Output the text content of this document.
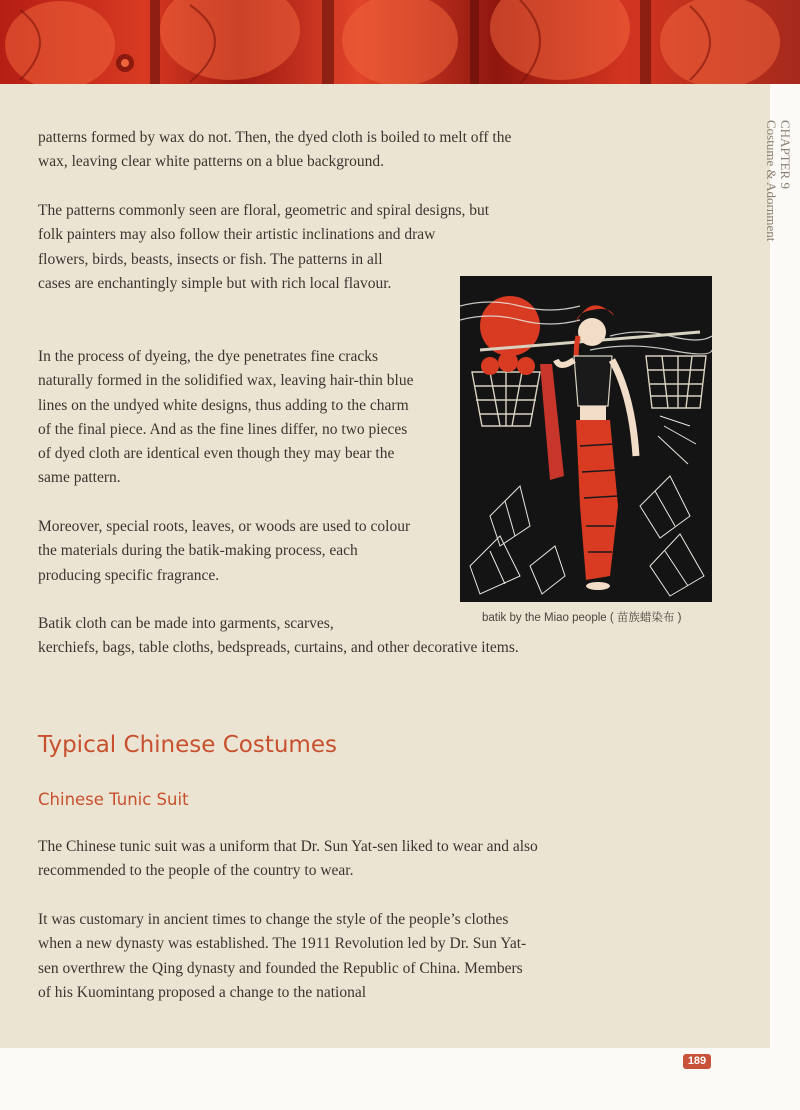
CHAPTER 9
Costume & Adornment

patterns formed by wax do not. Then, the dyed cloth is boiled to melt off the wax, leaving clear white patterns on a blue background.

The patterns commonly seen are floral, geometric and spiral designs, but folk painters may also follow their artistic inclinations and draw

flowers, birds, beasts, insects or fish. The patterns in all cases are enchantingly simple but with rich local flavour.

In the process of dyeing, the dye penetrates fine cracks naturally formed in the solidified wax, leaving hair-thin blue lines on the undyed white designs, thus adding to the charm of the final piece. And as the fine lines differ, no two pieces of dyed cloth are identical even though they may bear the same pattern.

Moreover, special roots, leaves, or woods are used to colour the materials during the batik-making process, each producing specific fragrance.

Batik cloth can be made into garments, scarves,

kerchiefs, bags, table cloths, bedspreads, curtains, and other decorative items.

batik by the Miao people ( 苗族蜡染布 )
Typical Chinese Costumes
Chinese Tunic Suit

The Chinese tunic suit was a uniform that Dr. Sun Yat-sen liked to wear and also recommended to the people of the country to wear.

It was customary in ancient times to change the style of the people’s clothes when a new dynasty was established. The 1911 Revolution led by Dr. Sun Yat-sen overthrew the Qing dynasty and founded the Republic of China. Members of his Kuomintang proposed a change to the national

189
